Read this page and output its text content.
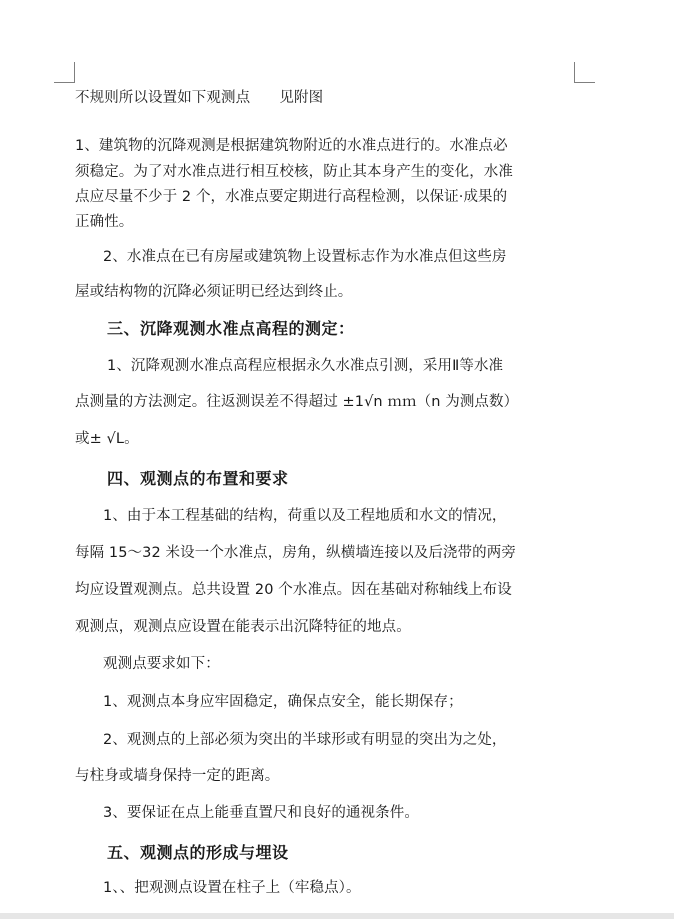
不规则所以设置如下观测点　　见附图
1、建筑物的沉降观测是根据建筑物附近的水准点进行的。水准点必
须稳定。为了对水准点进行相互校核，防止其本身产生的变化，水准
点应尽量不少于 2 个，水准点要定期进行高程检测，以保证·成果的
正确性。
2、水准点在已有房屋或建筑物上设置标志作为水准点但这些房
屋或结构物的沉降必须证明已经达到终止。
三、沉降观测水准点高程的测定：
1、沉降观测水准点高程应根据永久水准点引测，采用Ⅱ等水准
点测量的方法测定。往返测误差不得超过 ±1√n ｍｍ（n 为测点数）
或± √L。
四、观测点的布置和要求
1、由于本工程基础的结构，荷重以及工程地质和水文的情况，
每隔 15～32 米设一个水准点，房角，纵横墙连接以及后浇带的两旁
均应设置观测点。总共设置 20 个水准点。因在基础对称轴线上布设
观测点，观测点应设置在能表示出沉降特征的地点。
观测点要求如下：
1、观测点本身应牢固稳定，确保点安全，能长期保存；
2、观测点的上部必须为突出的半球形或有明显的突出为之处，
与柱身或墙身保持一定的距离。
3、要保证在点上能垂直置尺和良好的通视条件。
五、观测点的形成与埋设
1、、把观测点设置在柱子上（牢稳点）。
